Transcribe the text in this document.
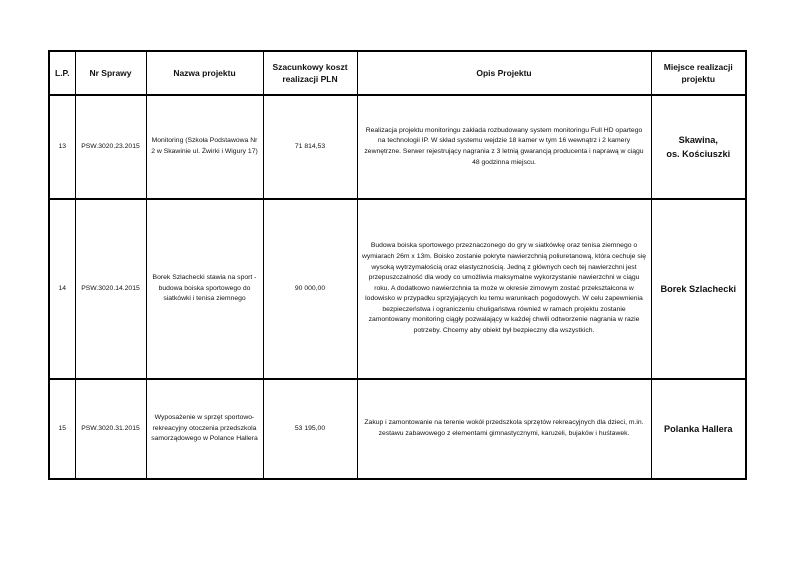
L.P.	Nr Sprawy	Nazwa projektu	Szacunkowy koszt realizacji PLN	Opis Projektu	Miejsce realizacji projektu
13	PSW.3020.23.2015	Monitoring (Szkoła Podstawowa Nr 2 w Skawinie ul. Żwirki i Wigury 17)	71 814,53	Realizacja projektu monitoringu zakłada rozbudowany system monitoringu Full HD opartego na technologii IP. W skład systemu wejdzie 18 kamer w tym 16 wewnątrz i 2 kamery zewnętrzne. Serwer rejestrujący nagrania z 3 letnią gwarancją producenta i naprawą w ciągu 48 godzinna miejscu.	Skawina,
os. Kościuszki

14	PSW.3020.14.2015	Borek Szlachecki stawia na sport - budowa boiska sportowego do siatkówki i tenisa ziemnego	90 000,00	Budowa boiska sportowego przeznaczonego do gry w siatkówkę oraz tenisa ziemnego o wymiarach 26m x 13m. Boisko zostanie pokryte nawierzchnią poliuretanową, która cechuje się wysoką wytrzymałością oraz elastycznością. Jedną z głównych cech tej nawierzchni jest przepuszczalność dla wody co umożliwia maksymalne wykorzystanie nawierzchni w ciągu roku. A dodatkowo nawierzchnia ta może w okresie zimowym zostać przekształcona w lodowisko w przypadku sprzyjających ku temu warunkach pogodowych. W celu zapewnienia bezpieczeństwa i ograniczeniu chuligaństwa również w ramach projektu zostanie zamontowany monitoring ciągły pozwalający w każdej chwili odtworzenie nagrania w razie potrzeby. Chcemy aby obiekt był bezpieczny dla wszystkich.	Borek Szlachecki

15	PSW.3020.31.2015	Wyposażenie w sprzęt sportowo-rekreacyjny otoczenia przedszkola samorządowego w Polance Hallera	53 195,00	Zakup i zamontowanie na terenie wokół przedszkola sprzętów rekreacyjnych dla dzieci, m.in. zestawu zabawowego z elementami gimnastycznymi, karuzeli, bujaków i huśtawek.	Polanka Hallera
